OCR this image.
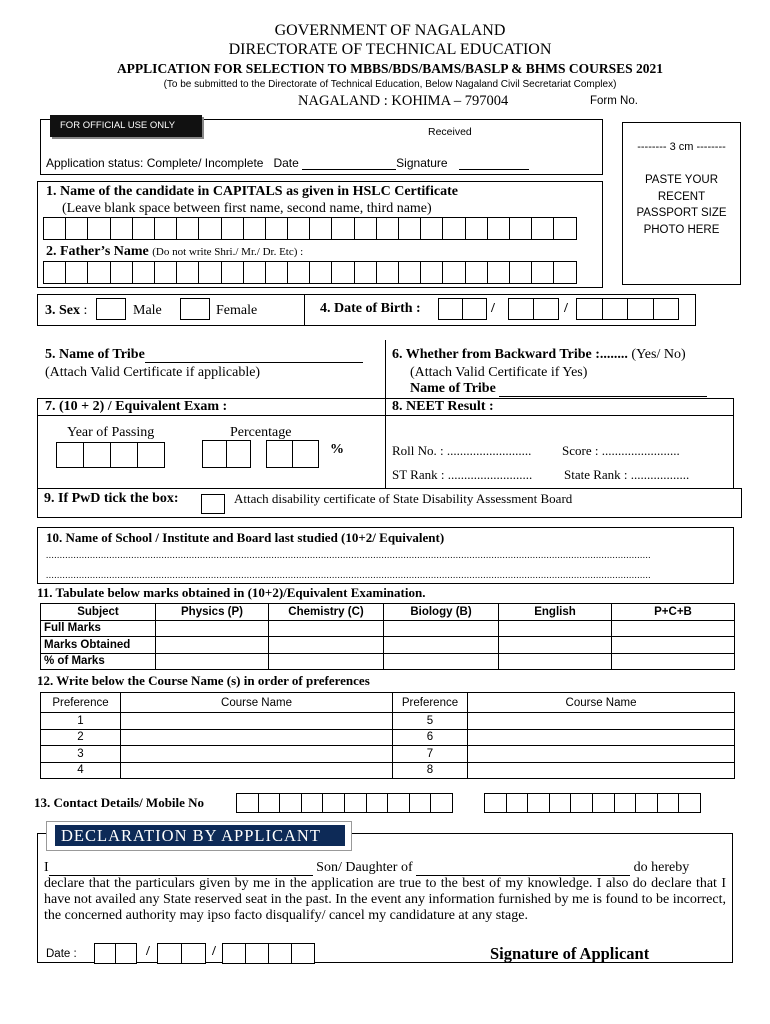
GOVERNMENT OF NAGALAND
DIRECTORATE OF TECHNICAL EDUCATION
APPLICATION FOR SELECTION TO MBBS/BDS/BAMS/BASLP & BHMS COURSES 2021
(To be submitted to the Directorate of Technical Education, Below Nagaland Civil Secretariat Complex)
NAGALAND : KOHIMA – 797004	Form No.
FOR OFFICIAL USE ONLY
Received
Application status: Complete/ Incomplete Date	Signature
-------- 3 cm --------
PASTE YOUR RECENT PASSPORT SIZE PHOTO HERE
1. Name of the candidate in CAPITALS as given in HSLC Certificate
(Leave blank space between first name, second name, third name)
2. Father’s Name (Do not write Shri./ Mr./ Dr. Etc) :
3. Sex :	Male	Female	4. Date of Birth :	/	/
5. Name of Tribe
(Attach Valid Certificate if applicable)
6. Whether from Backward Tribe :........ (Yes/ No)
(Attach Valid Certificate if Yes)
Name of Tribe
7. (10 + 2) / Equivalent Exam :	8. NEET Result :
Year of Passing	Percentage
%	Roll No. : .......................... Score : ........................
ST Rank : .......................... State Rank : ..................
9. If PwD tick the box:	Attach disability certificate of State Disability Assessment Board
10. Name of School / Institute and Board last studied (10+2/ Equivalent)
............................................................................................................................................................................................................................
............................................................................................................................................................................................................................
11. Tabulate below marks obtained in (10+2)/Equivalent Examination.
Subject	Physics (P)	Chemistry (C)	Biology (B)	English	P+C+B
Full Marks					
Marks Obtained					
% of Marks					
12. Write below the Course Name (s) in order of preferences
Preference	Course Name	Preference	Course Name
1		5	
2		6	
3		7	
4		8	
13. Contact Details/ Mobile No
DECLARATION BY APPLICANT
I	Son/ Daughter of	do hereby
declare that the particulars given by me in the application are true to the best of my knowledge. I also do declare that I have not availed any State reserved seat in the past. In the event any information furnished by me is found to be incorrect, the concerned authority may ipso facto disqualify/ cancel my candidature at any stage.
Date :	/	/	Signature of Applicant
